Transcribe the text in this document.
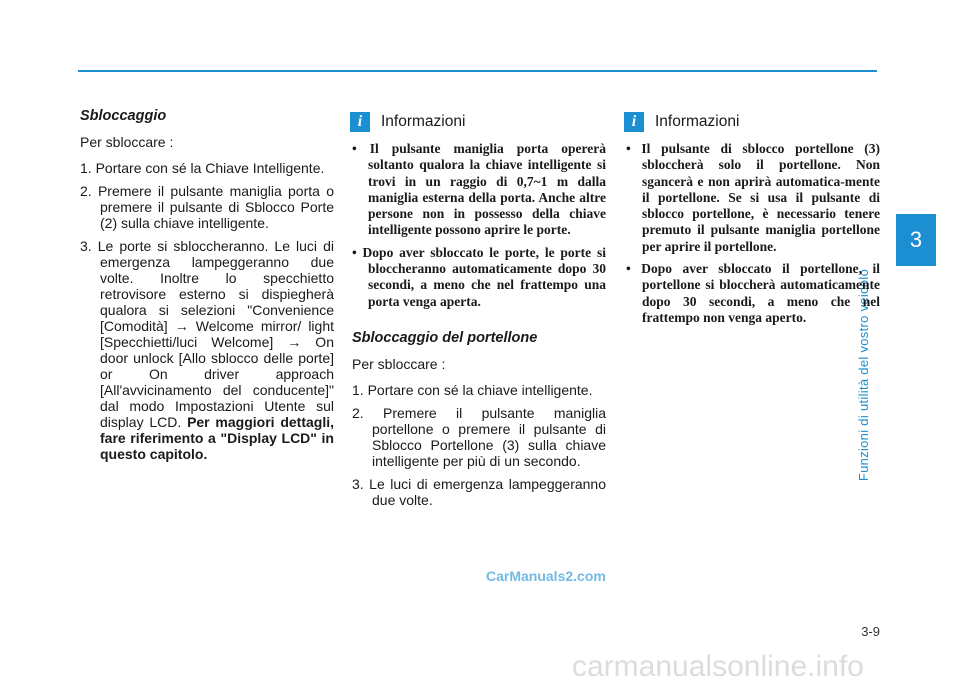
3
Funzioni di utilità del vostro veicolo
Sbloccaggio

Per sbloccare :

1. Portare con sé la Chiave Intelligente.
2. Premere il pulsante maniglia porta o premere il pulsante di Sblocco Porte (2) sulla chiave intelligente.
3. Le porte si sbloccheranno. Le luci di emergenza lampeggeranno due volte. Inoltre lo specchietto retrovisore esterno si dispiegherà qualora si selezioni "Convenience [Comodità] → Welcome mirror/ light [Specchietti/luci Welcome] → On door unlock [Allo sblocco delle porte] or On driver approach [All'avvicinamento del conducente]" dal modo Impostazioni Utente sul display LCD. Per maggiori dettagli, fare riferimento a "Display LCD" in questo capitolo.
i	Informazioni
• Il pulsante maniglia porta opererà soltanto qualora la chiave intelligente si trovi in un raggio di 0,7~1 m dalla maniglia esterna della porta. Anche altre persone non in possesso della chiave intelligente possono aprire le porte.
• Dopo aver sbloccato le porte, le porte si bloccheranno automaticamente dopo 30 secondi, a meno che nel frattempo una porta venga aperta.
Sbloccaggio del portellone

Per sbloccare :

1. Portare con sé la chiave intelligente.
2. Premere il pulsante maniglia portellone o premere il pulsante di Sblocco Portellone (3) sulla chiave intelligente per più di un secondo.
3. Le luci di emergenza lampeggeranno due volte.
i	Informazioni
• Il pulsante di sblocco portellone (3) sbloccherà solo il portellone. Non sgancerà e non aprirà automatica-mente il portellone. Se si usa il pulsante di sblocco portellone, è necessario tenere premuto il pulsante maniglia portellone per aprire il portellone.
• Dopo aver sbloccato il portellone, il portellone si bloccherà automaticamente dopo 30 secondi, a meno che nel frattempo non venga aperto.
CarManuals2.com
3-9
carmanualsonline.info
